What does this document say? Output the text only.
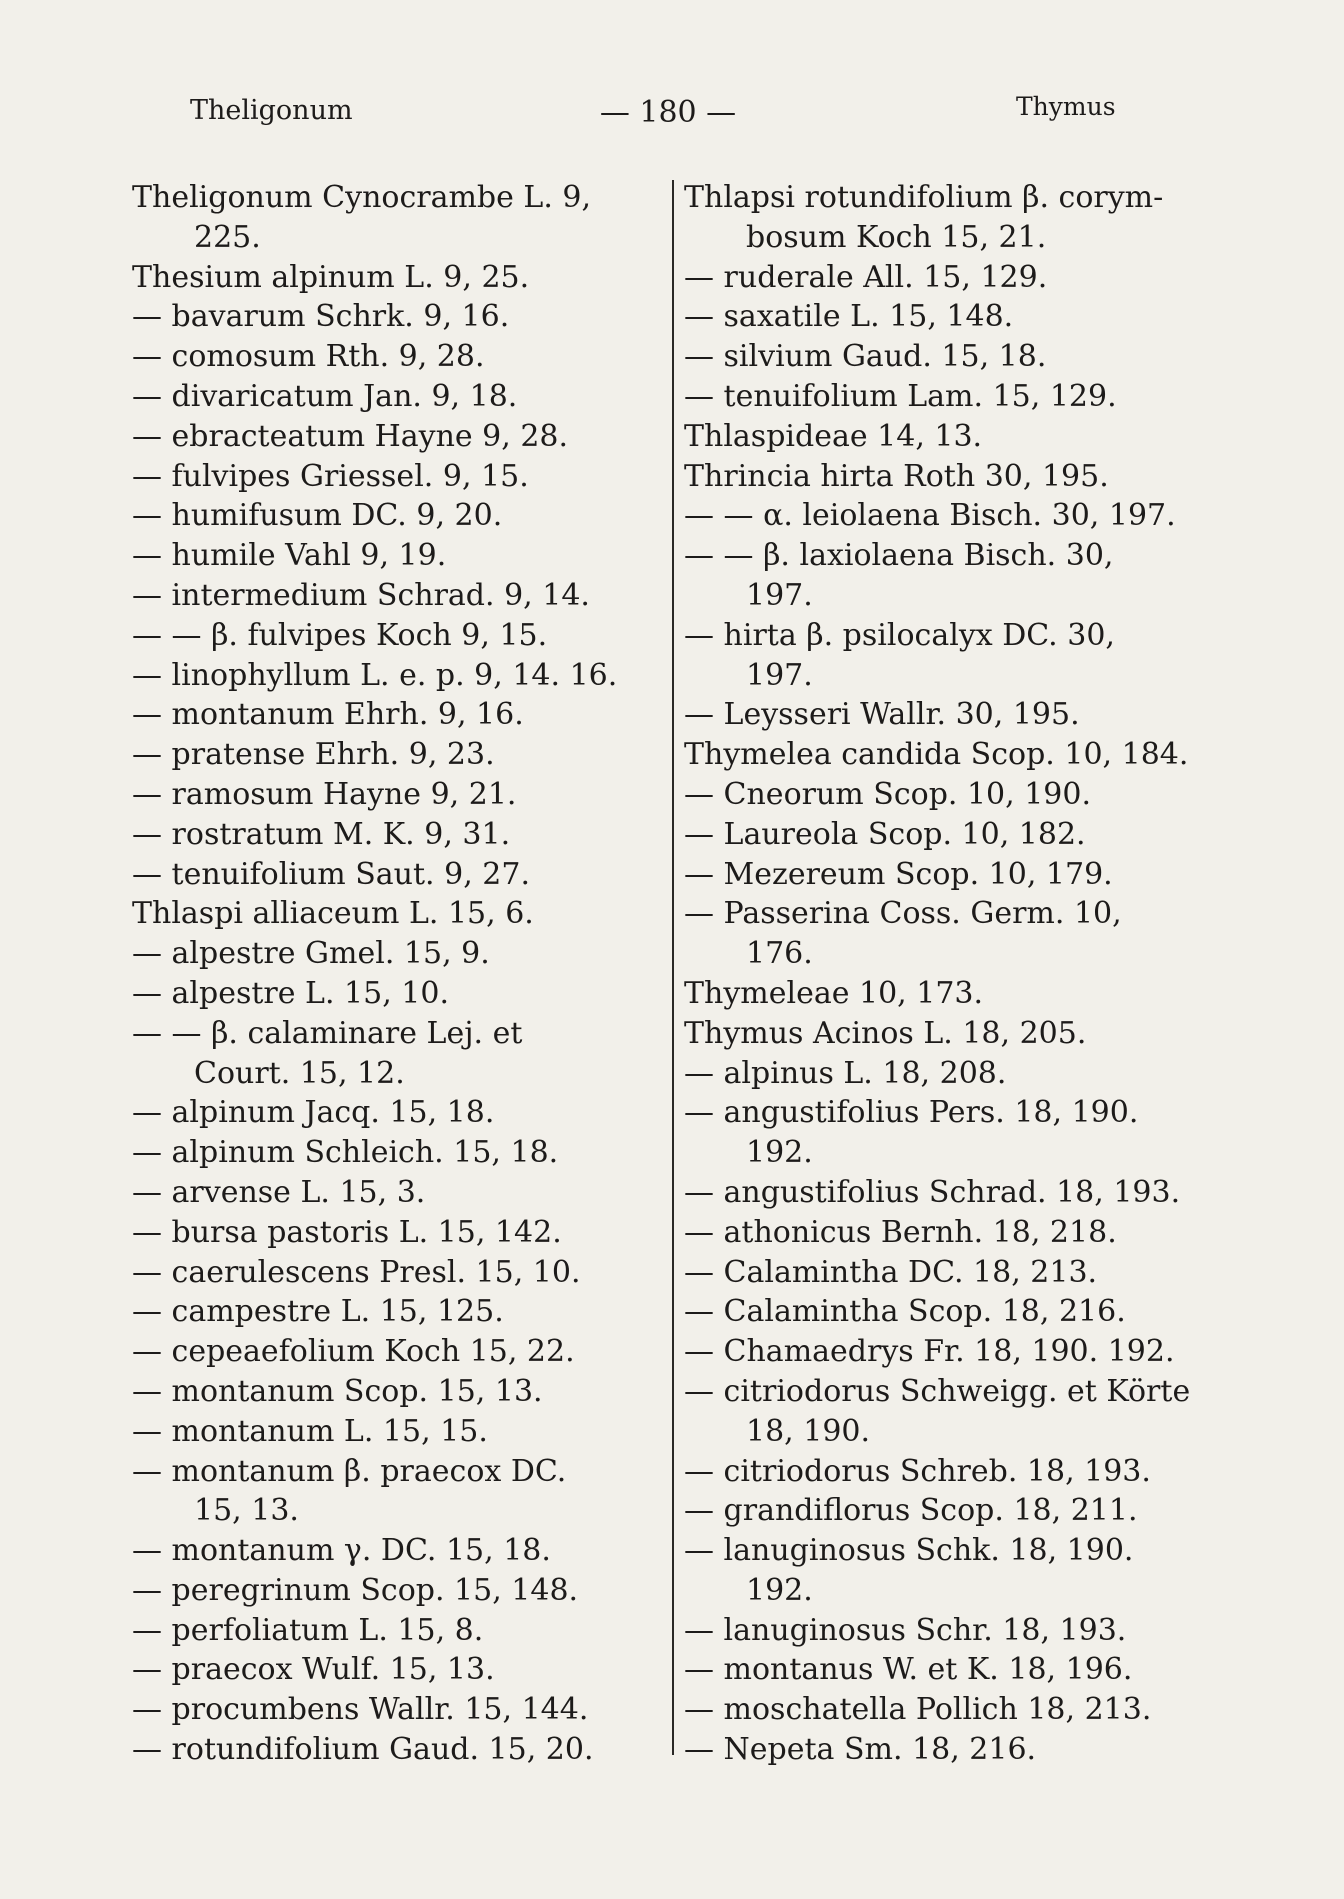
Theligonum	— 180 —	Thymus
Theligonum Cynocrambe L. 9,
225.
Thesium alpinum L. 9, 25.
— bavarum Schrk. 9, 16.
— comosum Rth. 9, 28.
— divaricatum Jan. 9, 18.
— ebracteatum Hayne 9, 28.
— fulvipes Griessel. 9, 15.
— humifusum DC. 9, 20.
— humile Vahl 9, 19.
— intermedium Schrad. 9, 14.
— — β. fulvipes Koch 9, 15.
— linophyllum L. e. p. 9, 14. 16.
— montanum Ehrh. 9, 16.
— pratense Ehrh. 9, 23.
— ramosum Hayne 9, 21.
— rostratum M. K. 9, 31.
— tenuifolium Saut. 9, 27.
Thlaspi alliaceum L. 15, 6.
— alpestre Gmel. 15, 9.
— alpestre L. 15, 10.
— — β. calaminare Lej. et
Court. 15, 12.
— alpinum Jacq. 15, 18.
— alpinum Schleich. 15, 18.
— arvense L. 15, 3.
— bursa pastoris L. 15, 142.
— caerulescens Presl. 15, 10.
— campestre L. 15, 125.
— cepeaefolium Koch 15, 22.
— montanum Scop. 15, 13.
— montanum L. 15, 15.
— montanum β. praecox DC.
15, 13.
— montanum γ. DC. 15, 18.
— peregrinum Scop. 15, 148.
— perfoliatum L. 15, 8.
— praecox Wulf. 15, 13.
— procumbens Wallr. 15, 144.
— rotundifolium Gaud. 15, 20.
Thlapsi rotundifolium β. corym-
bosum Koch 15, 21.
— ruderale All. 15, 129.
— saxatile L. 15, 148.
— silvium Gaud. 15, 18.
— tenuifolium Lam. 15, 129.
Thlaspideae 14, 13.
Thrincia hirta Roth 30, 195.
— — α. leiolaena Bisch. 30, 197.
— — β. laxiolaena Bisch. 30,
197.
— hirta β. psilocalyx DC. 30,
197.
— Leysseri Wallr. 30, 195.
Thymelea candida Scop. 10, 184.
— Cneorum Scop. 10, 190.
— Laureola Scop. 10, 182.
— Mezereum Scop. 10, 179.
— Passerina Coss. Germ. 10,
176.
Thymeleae 10, 173.
Thymus Acinos L. 18, 205.
— alpinus L. 18, 208.
— angustifolius Pers. 18, 190.
192.
— angustifolius Schrad. 18, 193.
— athonicus Bernh. 18, 218.
— Calamintha DC. 18, 213.
— Calamintha Scop. 18, 216.
— Chamaedrys Fr. 18, 190. 192.
— citriodorus Schweigg. et Körte
18, 190.
— citriodorus Schreb. 18, 193.
— grandiflorus Scop. 18, 211.
— lanuginosus Schk. 18, 190.
192.
— lanuginosus Schr. 18, 193.
— montanus W. et K. 18, 196.
— moschatella Pollich 18, 213.
— Nepeta Sm. 18, 216.
